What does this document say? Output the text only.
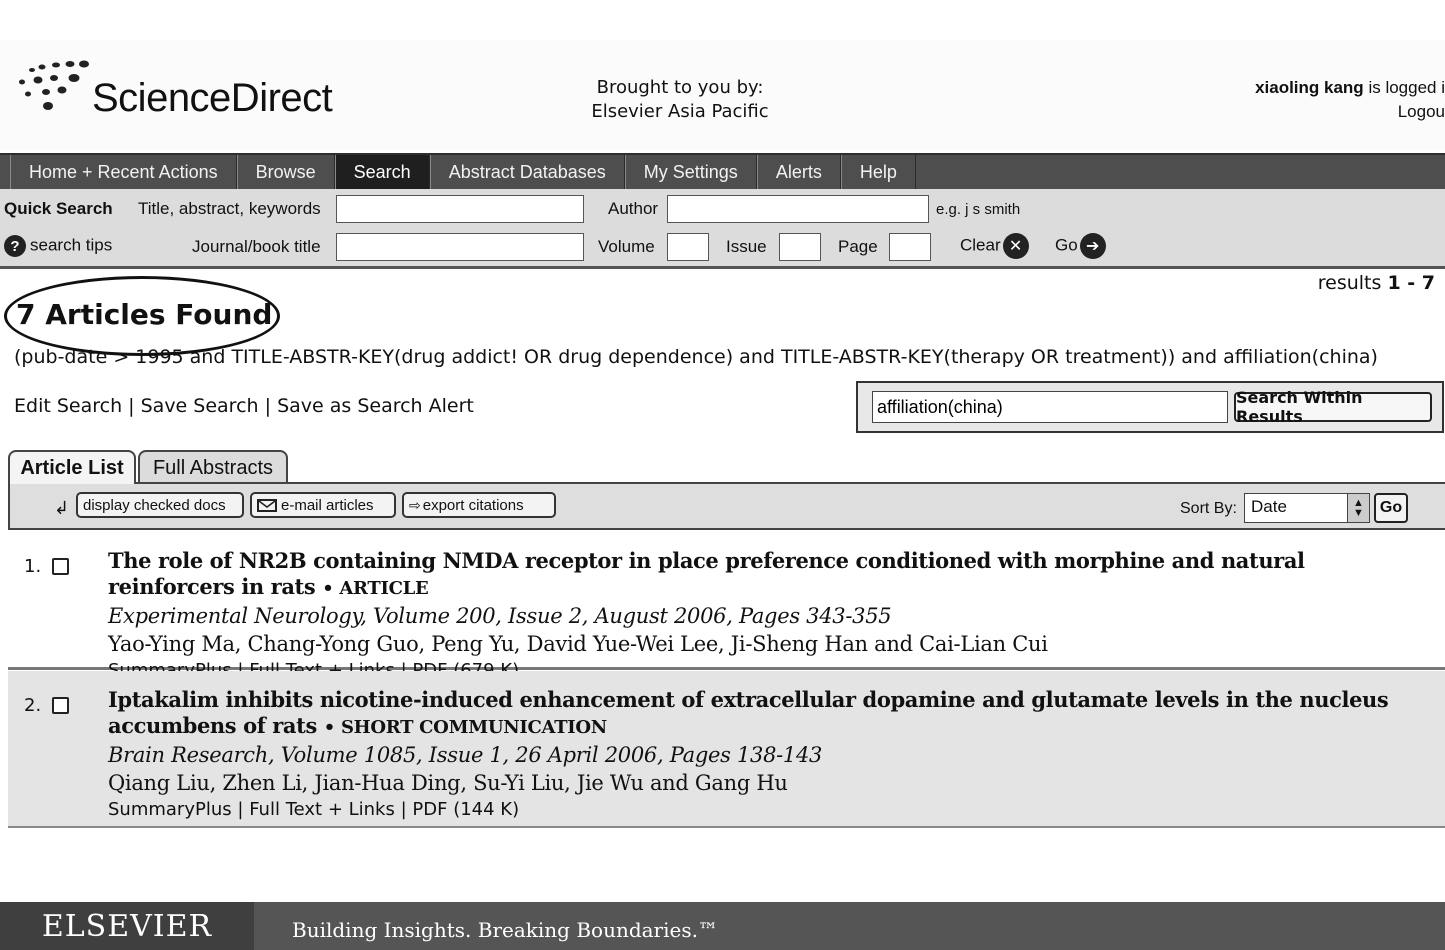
ScienceDirect	Brought to you by:
Elsevier Asia Pacific
xiaoling kang is logged i
Logou
Home + Recent Actions	Browse	Search	Abstract Databases	My Settings	Alerts	Help
Quick Search Title, abstract, keywords	Author	e.g. j s smith
? search tips	Journal/book title	Volume	Issue	Page	Clear ✕	Go ➔
results 1 - 7
7 Articles Found
(pub-date > 1995 and TITLE-ABSTR-KEY(drug addict! OR drug dependence) and TITLE-ABSTR-KEY(therapy OR treatment)) and affiliation(china)
Edit Search | Save Search | Save as Search Alert
affiliation(china)	Search Within Results
Article List	Full Abstracts
↲ display checked docs	e-mail articles	⇨ export citations	Sort By: Date	▲
▼ Go
1.	The role of NR2B containing NMDA receptor in place preference conditioned with morphine and natural reinforcers in rats • ARTICLE
Experimental Neurology, Volume 200, Issue 2, August 2006, Pages 343-355
Yao-Ying Ma, Chang-Yong Guo, Peng Yu, David Yue-Wei Lee, Ji-Sheng Han and Cai-Lian Cui
2.	Iptakalim inhibits nicotine-induced enhancement of extracellular dopamine and glutamate levels in the nucleus accumbens of rats • SHORT COMMUNICATION
Brain Research, Volume 1085, Issue 1, 26 April 2006, Pages 138-143
Qiang Liu, Zhen Li, Jian-Hua Ding, Su-Yi Liu, Jie Wu and Gang Hu
SummaryPlus | Full Text + Links | PDF (144 K)
ELSEVIER	Building Insights. Breaking Boundaries.™
